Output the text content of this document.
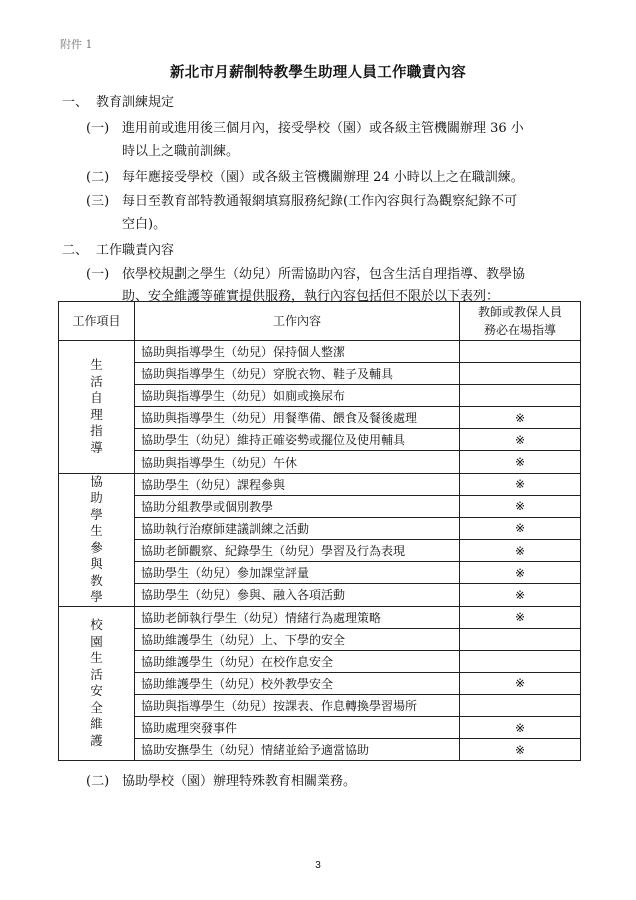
附件 1
新北市月薪制特教學生助理人員工作職責內容
一、 教育訓練規定
(一) 進用前或進用後三個月內，接受學校（園）或各級主管機關辦理 36 小
時以上之職前訓練。
(二) 每年應接受學校（園）或各級主管機關辦理 24 小時以上之在職訓練。
(三) 每日至教育部特教通報網填寫服務紀錄(工作內容與行為觀察紀錄不可
空白)。
二、 工作職責內容
(一) 依學校規劃之學生（幼兒）所需協助內容，包含生活自理指導、教學協
助、安全維護等確實提供服務，執行內容包括但不限於以下表列：
工作項目	工作內容	教師或教保人員
務必在場指導
生活自理指導	協助與指導學生（幼兒）保持個人整潔	
	協助與指導學生（幼兒）穿脫衣物、鞋子及輔具	
	協助與指導學生（幼兒）如廁或換尿布	
	協助與指導學生（幼兒）用餐準備、餵食及餐後處理	※
	協助學生（幼兒）維持正確姿勢或擺位及使用輔具	※
	協助與指導學生（幼兒）午休	※
協助學生參與教學	協助學生（幼兒）課程參與	※
	協助分組教學或個別教學	※
	協助執行治療師建議訓練之活動	※
	協助老師觀察、紀錄學生（幼兒）學習及行為表現	※
	協助學生（幼兒）參加課堂評量	※
	協助學生（幼兒）參與、融入各項活動	※
校園生活安全維護	協助老師執行學生（幼兒）情緒行為處理策略	※
	協助維護學生（幼兒）上、下學的安全	
	協助維護學生（幼兒）在校作息安全	
	協助維護學生（幼兒）校外教學安全	※
	協助與指導學生（幼兒）按課表、作息轉換學習場所	
	協助處理突發事件	※
	協助安撫學生（幼兒）情緒並給予適當協助	※
(二) 協助學校（園）辦理特殊教育相關業務。
3
